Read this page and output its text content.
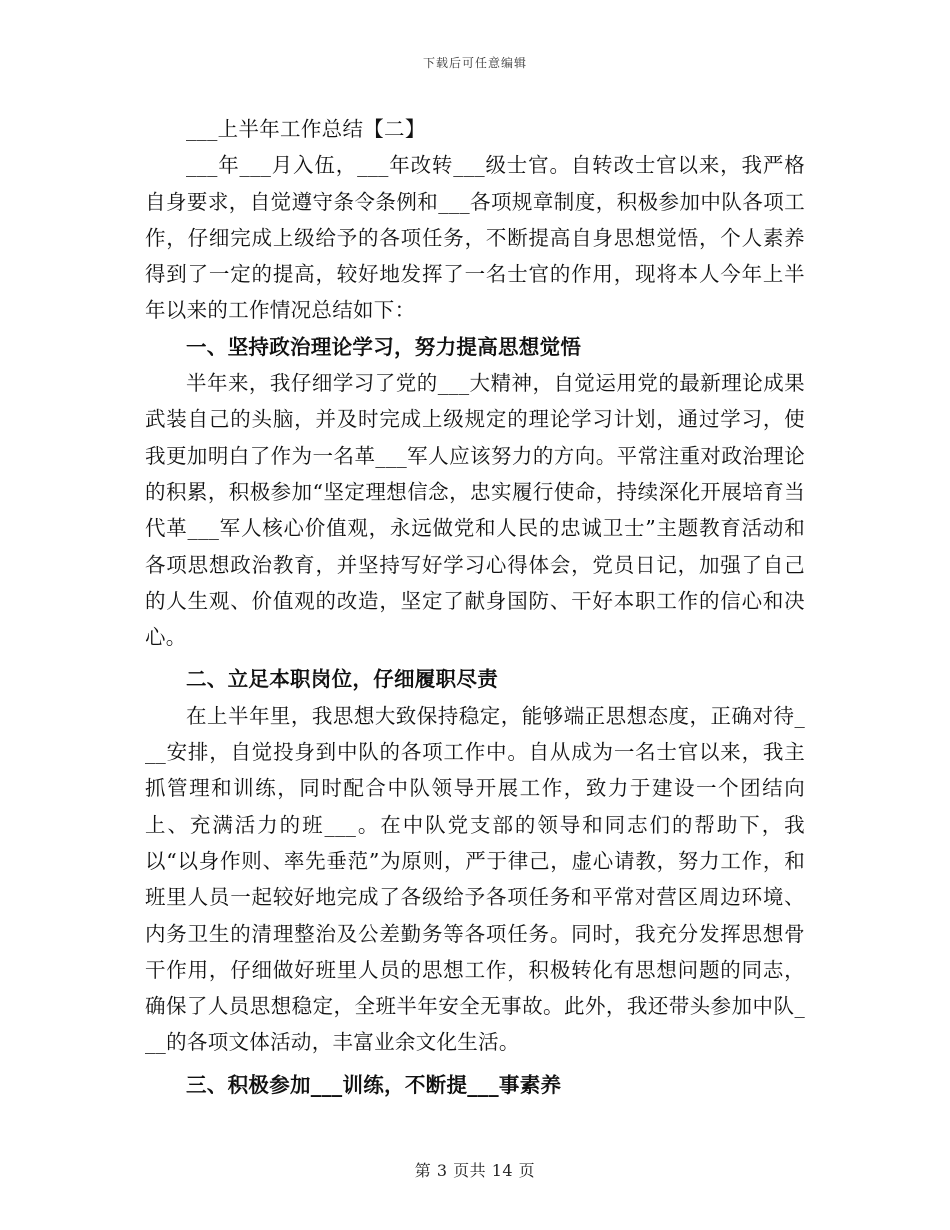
下载后可任意编辑

___上半年工作总结【二】

___年___月入伍，___年改转___级士官。自转改士官以来，我严格自身要求，自觉遵守条令条例和___各项规章制度，积极参加中队各项工作，仔细完成上级给予的各项任务，不断提高自身思想觉悟，个人素养得到了一定的提高，较好地发挥了一名士官的作用，现将本人今年上半年以来的工作情况总结如下：

一、坚持政治理论学习，努力提高思想觉悟

半年来，我仔细学习了党的___大精神，自觉运用党的最新理论成果武装自己的头脑，并及时完成上级规定的理论学习计划，通过学习，使我更加明白了作为一名革___军人应该努力的方向。平常注重对政治理论的积累，积极参加“坚定理想信念，忠实履行使命，持续深化开展培育当代革___军人核心价值观，永远做党和人民的忠诚卫士”主题教育活动和各项思想政治教育，并坚持写好学习心得体会，党员日记，加强了自己的人生观、价值观的改造，坚定了献身国防、干好本职工作的信心和决心。

二、立足本职岗位，仔细履职尽责

在上半年里，我思想大致保持稳定，能够端正思想态度，正确对待___安排，自觉投身到中队的各项工作中。自从成为一名士官以来，我主抓管理和训练，同时配合中队领导开展工作，致力于建设一个团结向上、充满活力的班___。在中队党支部的领导和同志们的帮助下，我以“以身作则、率先垂范”为原则，严于律己，虚心请教，努力工作，和班里人员一起较好地完成了各级给予各项任务和平常对营区周边环境、内务卫生的清理整治及公差勤务等各项任务。同时，我充分发挥思想骨干作用，仔细做好班里人员的思想工作，积极转化有思想问题的同志，确保了人员思想稳定，全班半年安全无事故。此外，我还带头参加中队___的各项文体活动，丰富业余文化生活。

三、积极参加___训练，不断提___事素养

第 3 页共 14 页
